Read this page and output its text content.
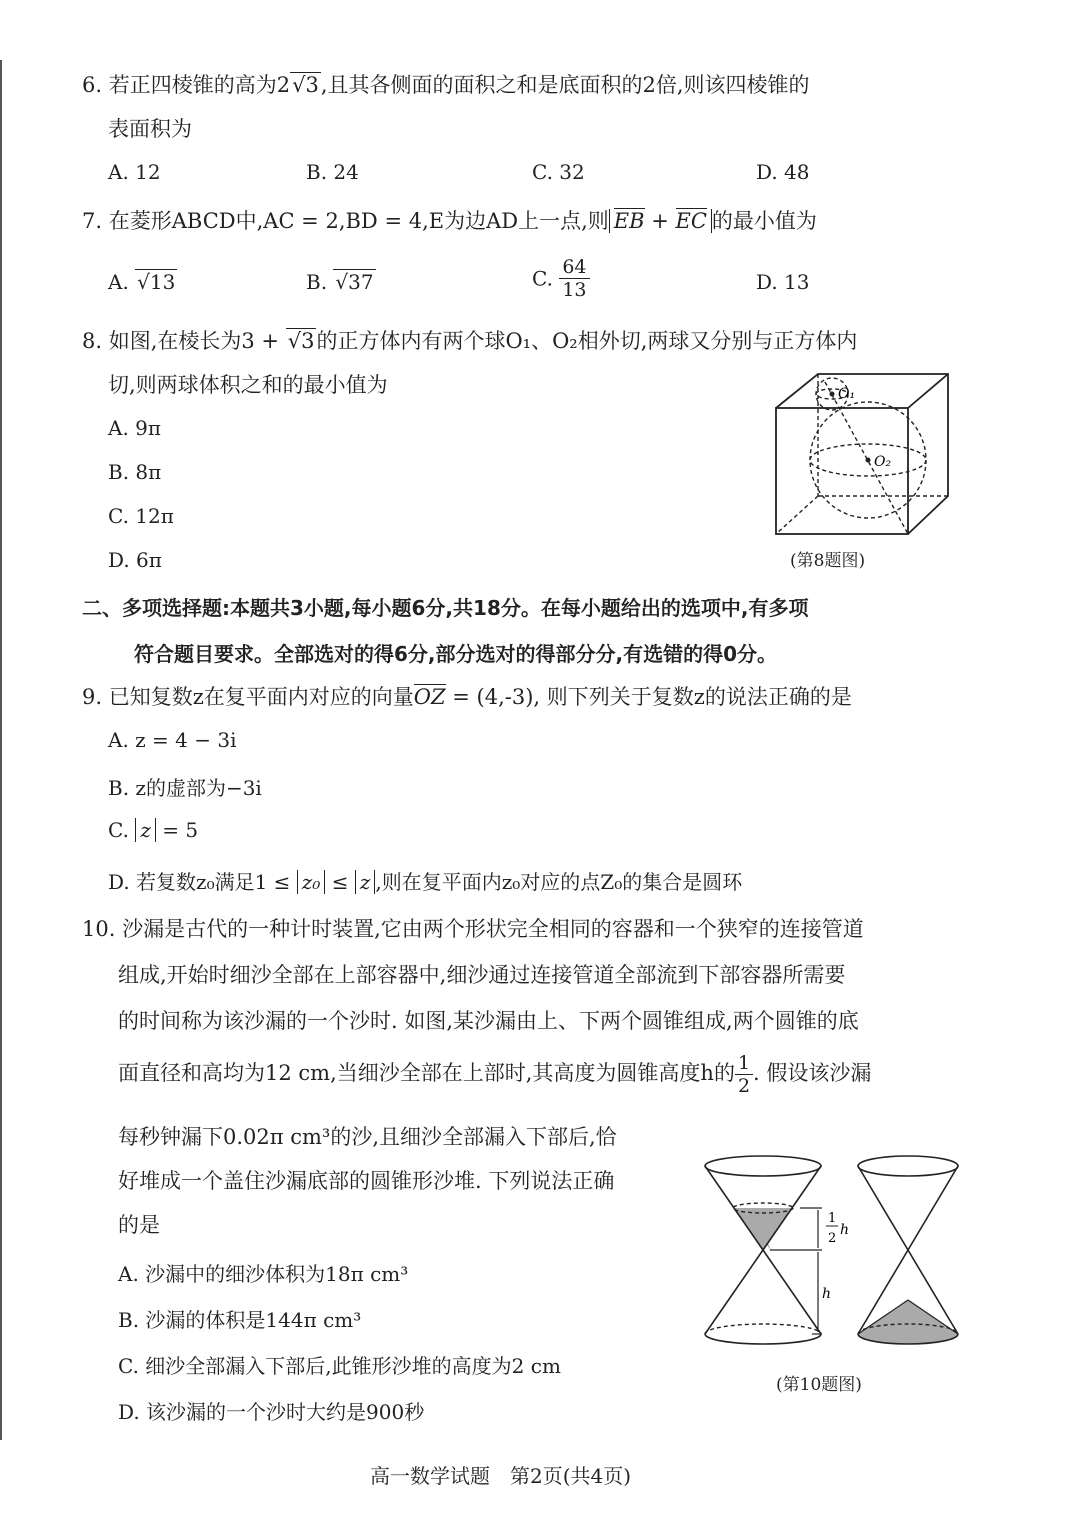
6. 若正四棱锥的高为2√3,且其各侧面的面积之和是底面积的2倍,则该四棱锥的
表面积为
A. 12	B. 24	C. 32	D. 48
7. 在菱形ABCD中,AC = 2,BD = 4,E为边AD上一点,则 EB + EC 的最小值为
A. √13	B. √37	C. $\frac{64}{13}$	D. 13
8. 如图,在棱长为3 + √3的正方体内有两个球O₁、O₂相外切,两球又分别与正方体内
切,则两球体积之和的最小值为
A. 9π
B. 8π
C. 12π
D. 6π
O₁
O₂
(第8题图)
二、多项选择题:本题共3小题,每小题6分,共18分。在每小题给出的选项中,有多项
符合题目要求。全部选对的得6分,部分选对的得部分分,有选错的得0分。
9. 已知复数z在复平面内对应的向量OZ = (4,-3), 则下列关于复数z的说法正确的是
A. z = 4 − 3i
B. z的虚部为−3i
C. z = 5
D. 若复数z₀满足1 ≤ z₀ ≤ z ,则在复平面内z₀对应的点Z₀的集合是圆环
10. 沙漏是古代的一种计时装置,它由两个形状完全相同的容器和一个狭窄的连接管道
组成,开始时细沙全部在上部容器中,细沙通过连接管道全部流到下部容器所需要
的时间称为该沙漏的一个沙时. 如图,某沙漏由上、下两个圆锥组成,两个圆锥的底
面直径和高均为12 cm,当细沙全部在上部时,其高度为圆锥高度h的 $\frac{1}{2}$ . 假设该沙漏
每秒钟漏下0.02π cm³的沙,且细沙全部漏入下部后,恰
好堆成一个盖住沙漏底部的圆锥形沙堆. 下列说法正确
的是
A. 沙漏中的细沙体积为18π cm³
B. 沙漏的体积是144π cm³
C. 细沙全部漏入下部后,此锥形沙堆的高度为2 cm
D. 该沙漏的一个沙时大约是900秒
1
2
h
h
(第10题图)
高一数学试题　第2页(共4页)
